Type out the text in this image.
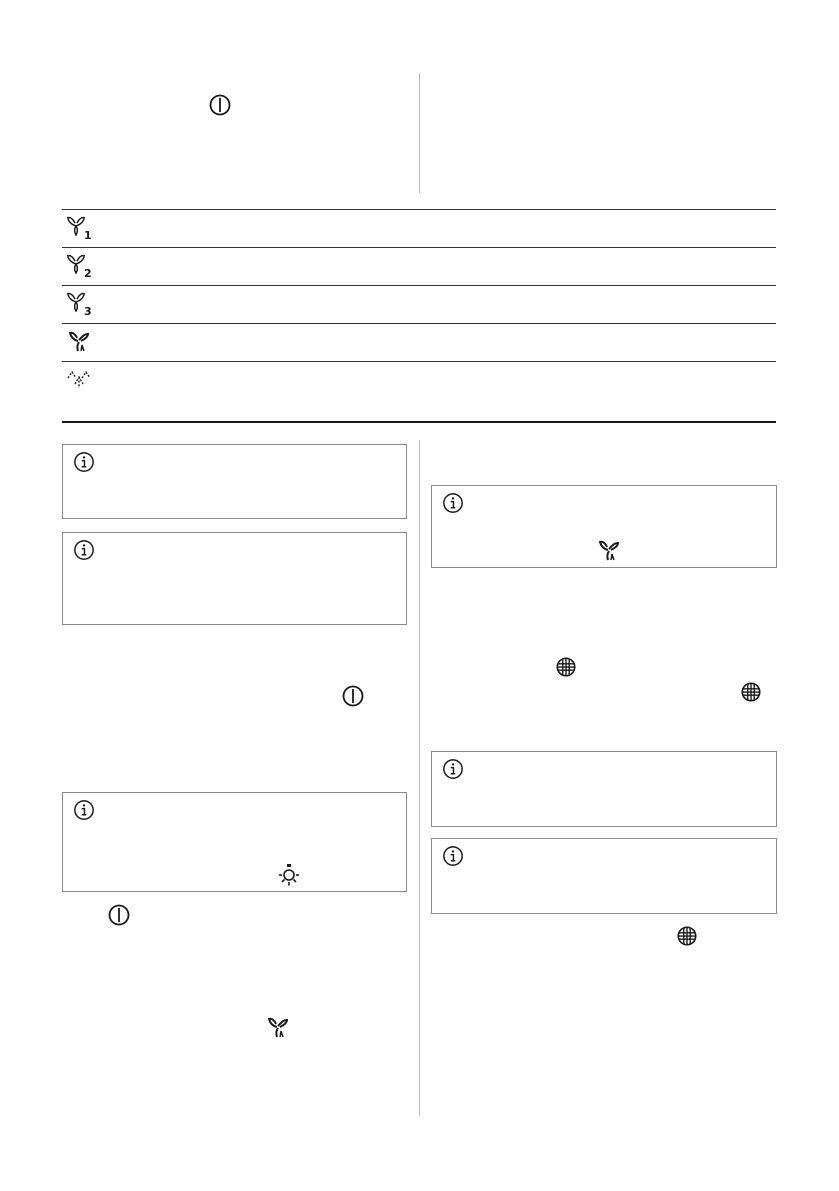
1
2
3
